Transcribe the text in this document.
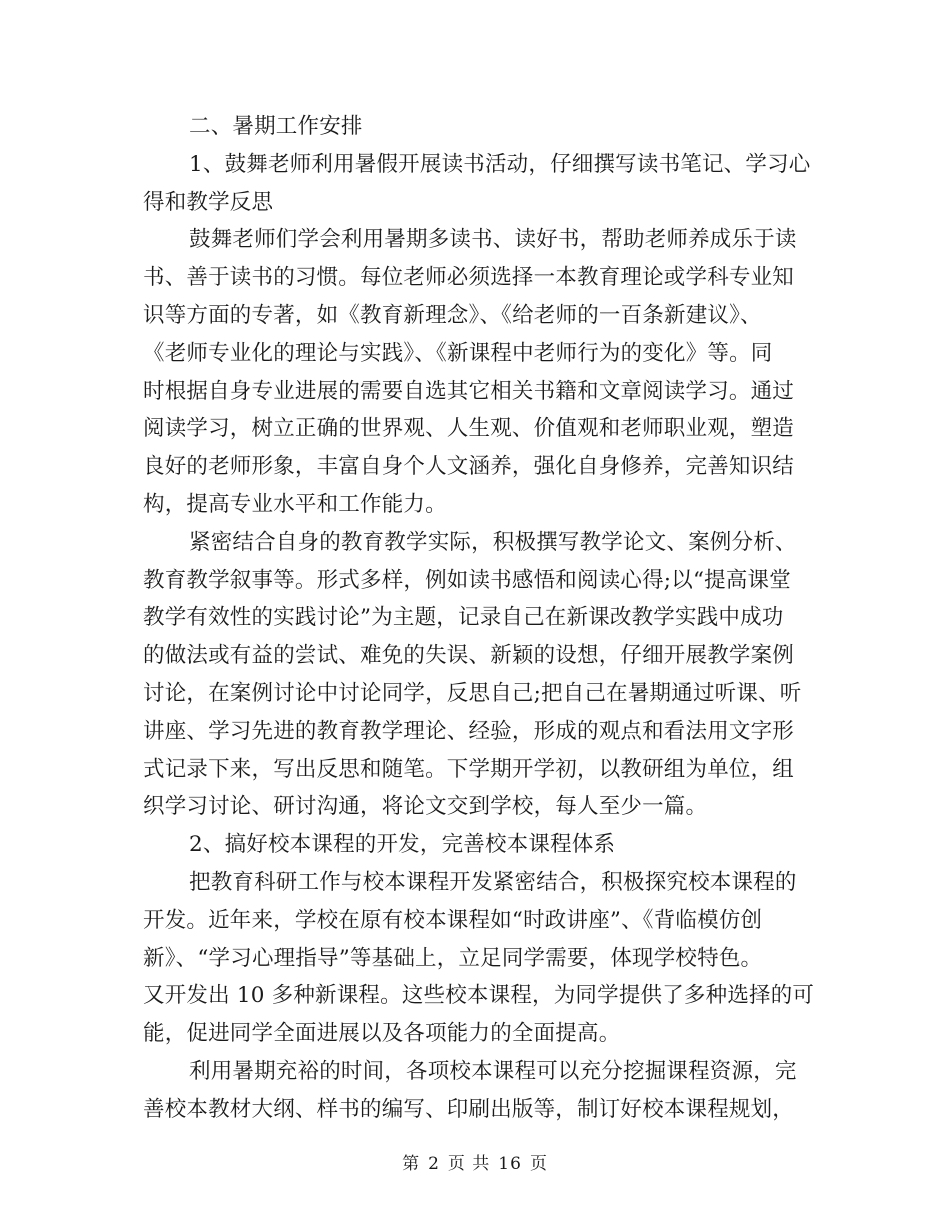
二、暑期工作安排
1、鼓舞老师利用暑假开展读书活动，仔细撰写读书笔记、学习心
得和教学反思
鼓舞老师们学会利用暑期多读书、读好书，帮助老师养成乐于读
书、善于读书的习惯。每位老师必须选择一本教育理论或学科专业知
识等方面的专著，如《教育新理念》、《给老师的一百条新建议》、
《老师专业化的理论与实践》、《新课程中老师行为的变化》等。同
时根据自身专业进展的需要自选其它相关书籍和文章阅读学习。通过
阅读学习，树立正确的世界观、人生观、价值观和老师职业观，塑造
良好的老师形象，丰富自身个人文涵养，强化自身修养，完善知识结
构，提高专业水平和工作能力。
紧密结合自身的教育教学实际，积极撰写教学论文、案例分析、
教育教学叙事等。形式多样，例如读书感悟和阅读心得;以“提高课堂
教学有效性的实践讨论”为主题，记录自己在新课改教学实践中成功
的做法或有益的尝试、难免的失误、新颖的设想，仔细开展教学案例
讨论，在案例讨论中讨论同学，反思自己;把自己在暑期通过听课、听
讲座、学习先进的教育教学理论、经验，形成的观点和看法用文字形
式记录下来，写出反思和随笔。下学期开学初，以教研组为单位，组
织学习讨论、研讨沟通，将论文交到学校，每人至少一篇。
2、搞好校本课程的开发，完善校本课程体系
把教育科研工作与校本课程开发紧密结合，积极探究校本课程的
开发。近年来，学校在原有校本课程如“时政讲座”、《背临模仿创
新》、“学习心理指导”等基础上，立足同学需要，体现学校特色。
又开发出 10 多种新课程。这些校本课程，为同学提供了多种选择的可
能，促进同学全面进展以及各项能力的全面提高。
利用暑期充裕的时间，各项校本课程可以充分挖掘课程资源，完
善校本教材大纲、样书的编写、印刷出版等，制订好校本课程规划，
第 2 页 共 16 页
